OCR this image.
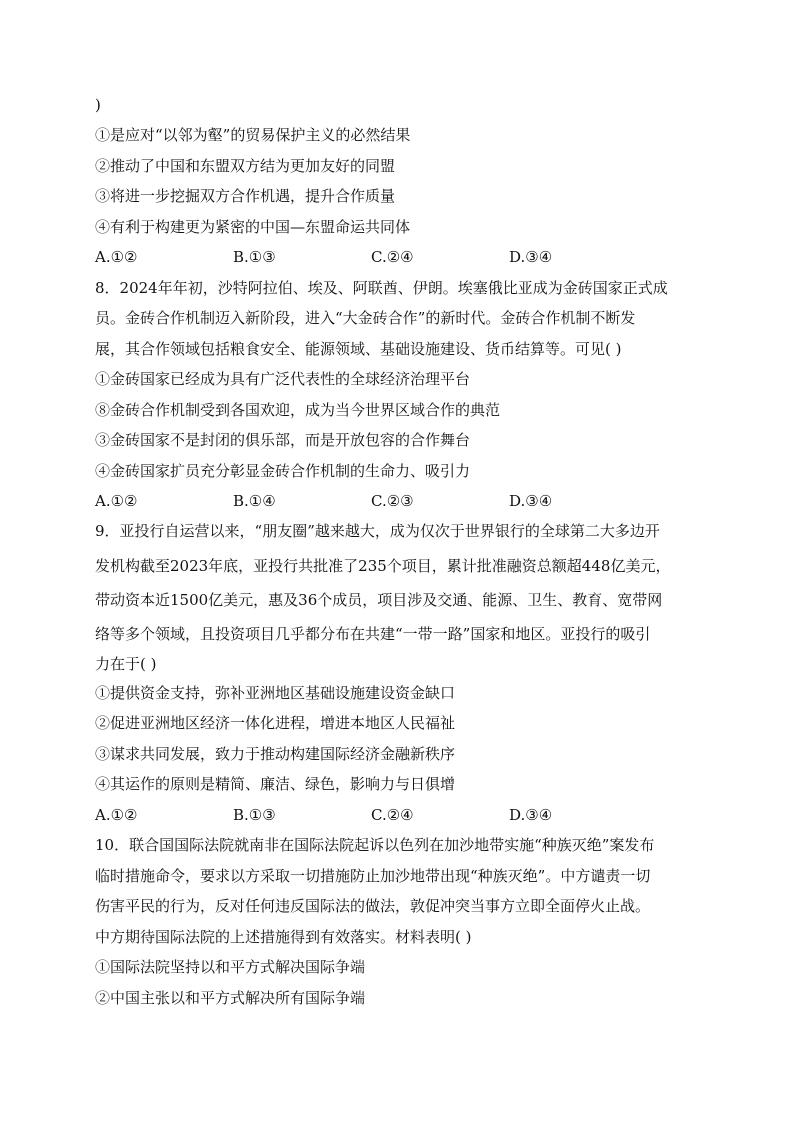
)
①是应对“以邻为壑”的贸易保护主义的必然结果
②推动了中国和东盟双方结为更加友好的同盟
③将进一步挖掘双方合作机遇，提升合作质量
④有利于构建更为紧密的中国—东盟命运共同体
A.①②	B.①③	C.②④	D.③④
8．2024年年初，沙特阿拉伯、埃及、阿联酋、伊朗。埃塞俄比亚成为金砖国家正式成
员。金砖合作机制迈入新阶段，进入“大金砖合作”的新时代。金砖合作机制不断发
展，其合作领域包括粮食安全、能源领域、基础设施建设、货币结算等。可见( )
①金砖国家已经成为具有广泛代表性的全球经济治理平台
⑧金砖合作机制受到各国欢迎，成为当今世界区域合作的典范
③金砖国家不是封闭的俱乐部，而是开放包容的合作舞台
④金砖国家扩员充分彰显金砖合作机制的生命力、吸引力
A.①②	B.①④	C.②③	D.③④
9．亚投行自运营以来，“朋友圈”越来越大，成为仅次于世界银行的全球第二大多边开
发机构截至2023年底，亚投行共批准了235个项目，累计批准融资总额超448亿美元，
带动资本近1500亿美元，惠及36个成员，项目涉及交通、能源、卫生、教育、宽带网
络等多个领域，且投资项目几乎都分布在共建“一带一路”国家和地区。亚投行的吸引
力在于( )
①提供资金支持，弥补亚洲地区基础设施建设资金缺口
②促进亚洲地区经济一体化进程，增进本地区人民福祉
③谋求共同发展，致力于推动构建国际经济金融新秩序
④其运作的原则是精简、廉洁、绿色，影响力与日俱增
A.①②	B.①③	C.②④	D.③④
10．联合国国际法院就南非在国际法院起诉以色列在加沙地带实施“种族灭绝”案发布
临时措施命令，要求以方采取一切措施防止加沙地带出现“种族灭绝”。中方谴责一切
伤害平民的行为，反对任何违反国际法的做法，敦促冲突当事方立即全面停火止战。
中方期待国际法院的上述措施得到有效落实。材料表明( )
①国际法院坚持以和平方式解决国际争端
②中国主张以和平方式解决所有国际争端
